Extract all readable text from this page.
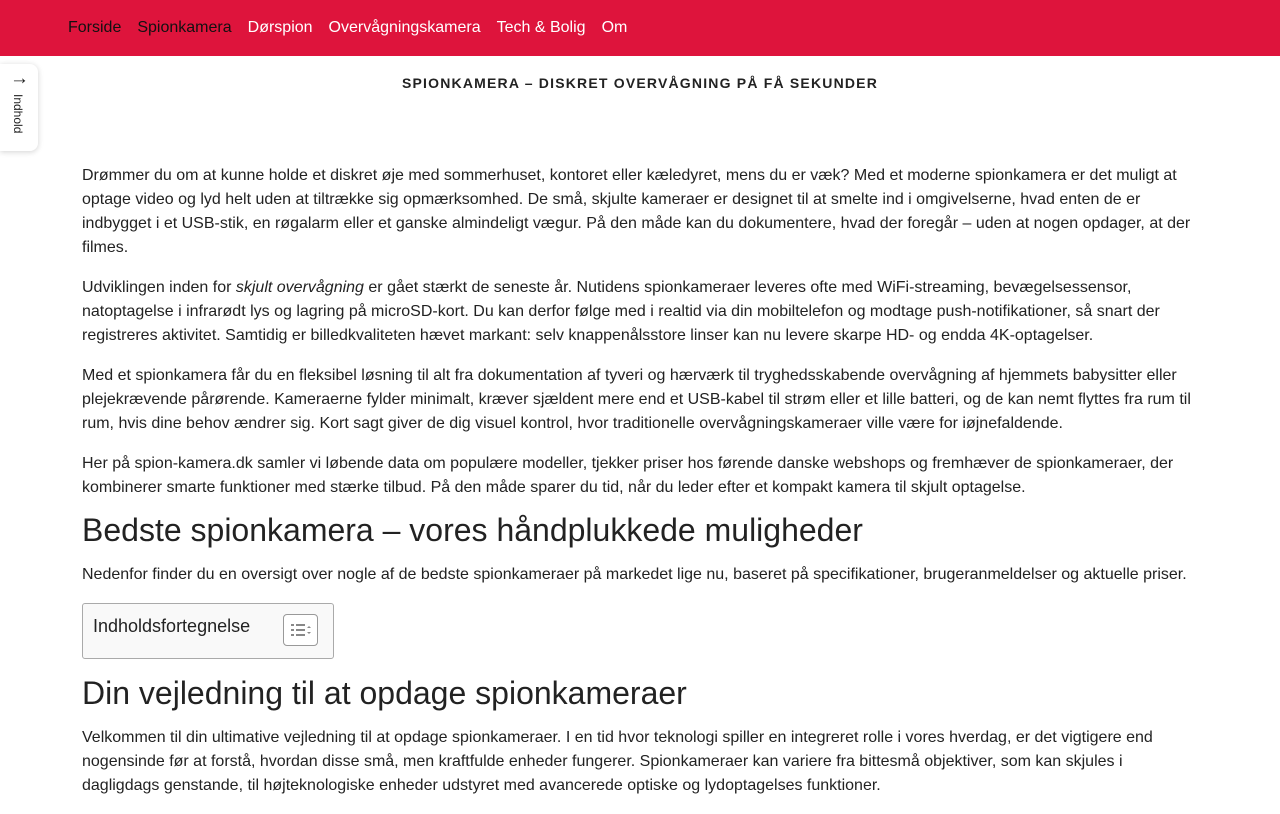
Forside Spionkamera Dørspion Overvågningskamera Tech & Bolig Om
→
Indhold
SPIONKAMERA – DISKRET OVERVÅGNING PÅ FÅ SEKUNDER

Drømmer du om at kunne holde et diskret øje med sommerhuset, kontoret eller kæledyret, mens du er væk? Med et moderne spionkamera er det muligt at optage video og lyd helt uden at tiltrække sig opmærksomhed. De små, skjulte kameraer er designet til at smelte ind i omgivelserne, hvad enten de er indbygget i et USB-stik, en røgalarm eller et ganske almindeligt vægur. På den måde kan du dokumentere, hvad der foregår – uden at nogen opdager, at der filmes.

Udviklingen inden for skjult overvågning er gået stærkt de seneste år. Nutidens spionkameraer leveres ofte med WiFi-streaming, bevægelsessensor, natoptagelse i infrarødt lys og lagring på microSD-kort. Du kan derfor følge med i realtid via din mobiltelefon og modtage push-notifikationer, så snart der registreres aktivitet. Samtidig er billedkvaliteten hævet markant: selv knappenålsstore linser kan nu levere skarpe HD- og endda 4K-optagelser.

Med et spionkamera får du en fleksibel løsning til alt fra dokumentation af tyveri og hærværk til tryghedsskabende overvågning af hjemmets babysitter eller plejekrævende pårørende. Kameraerne fylder minimalt, kræver sjældent mere end et USB-kabel til strøm eller et lille batteri, og de kan nemt flyttes fra rum til rum, hvis dine behov ændrer sig. Kort sagt giver de dig visuel kontrol, hvor traditionelle overvågningskameraer ville være for iøjnefaldende.

Her på spion-kamera.dk samler vi løbende data om populære modeller, tjekker priser hos førende danske webshops og fremhæver de spionkameraer, der kombinerer smarte funktioner med stærke tilbud. På den måde sparer du tid, når du leder efter et kompakt kamera til skjult optagelse.

Bedste spionkamera – vores håndplukkede muligheder

Nedenfor finder du en oversigt over nogle af de bedste spionkameraer på markedet lige nu, baseret på specifikationer, brugeranmeldelser og aktuelle priser.

Indholdsfortegnelse
Din vejledning til at opdage spionkameraer

Velkommen til din ultimative vejledning til at opdage spionkameraer. I en tid hvor teknologi spiller en integreret rolle i vores hverdag, er det vigtigere end nogensinde før at forstå, hvordan disse små, men kraftfulde enheder fungerer. Spionkameraer kan variere fra bittesmå objektiver, som kan skjules i dagligdags genstande, til højteknologiske enheder udstyret med avancerede optiske og lydoptagelses funktioner.
